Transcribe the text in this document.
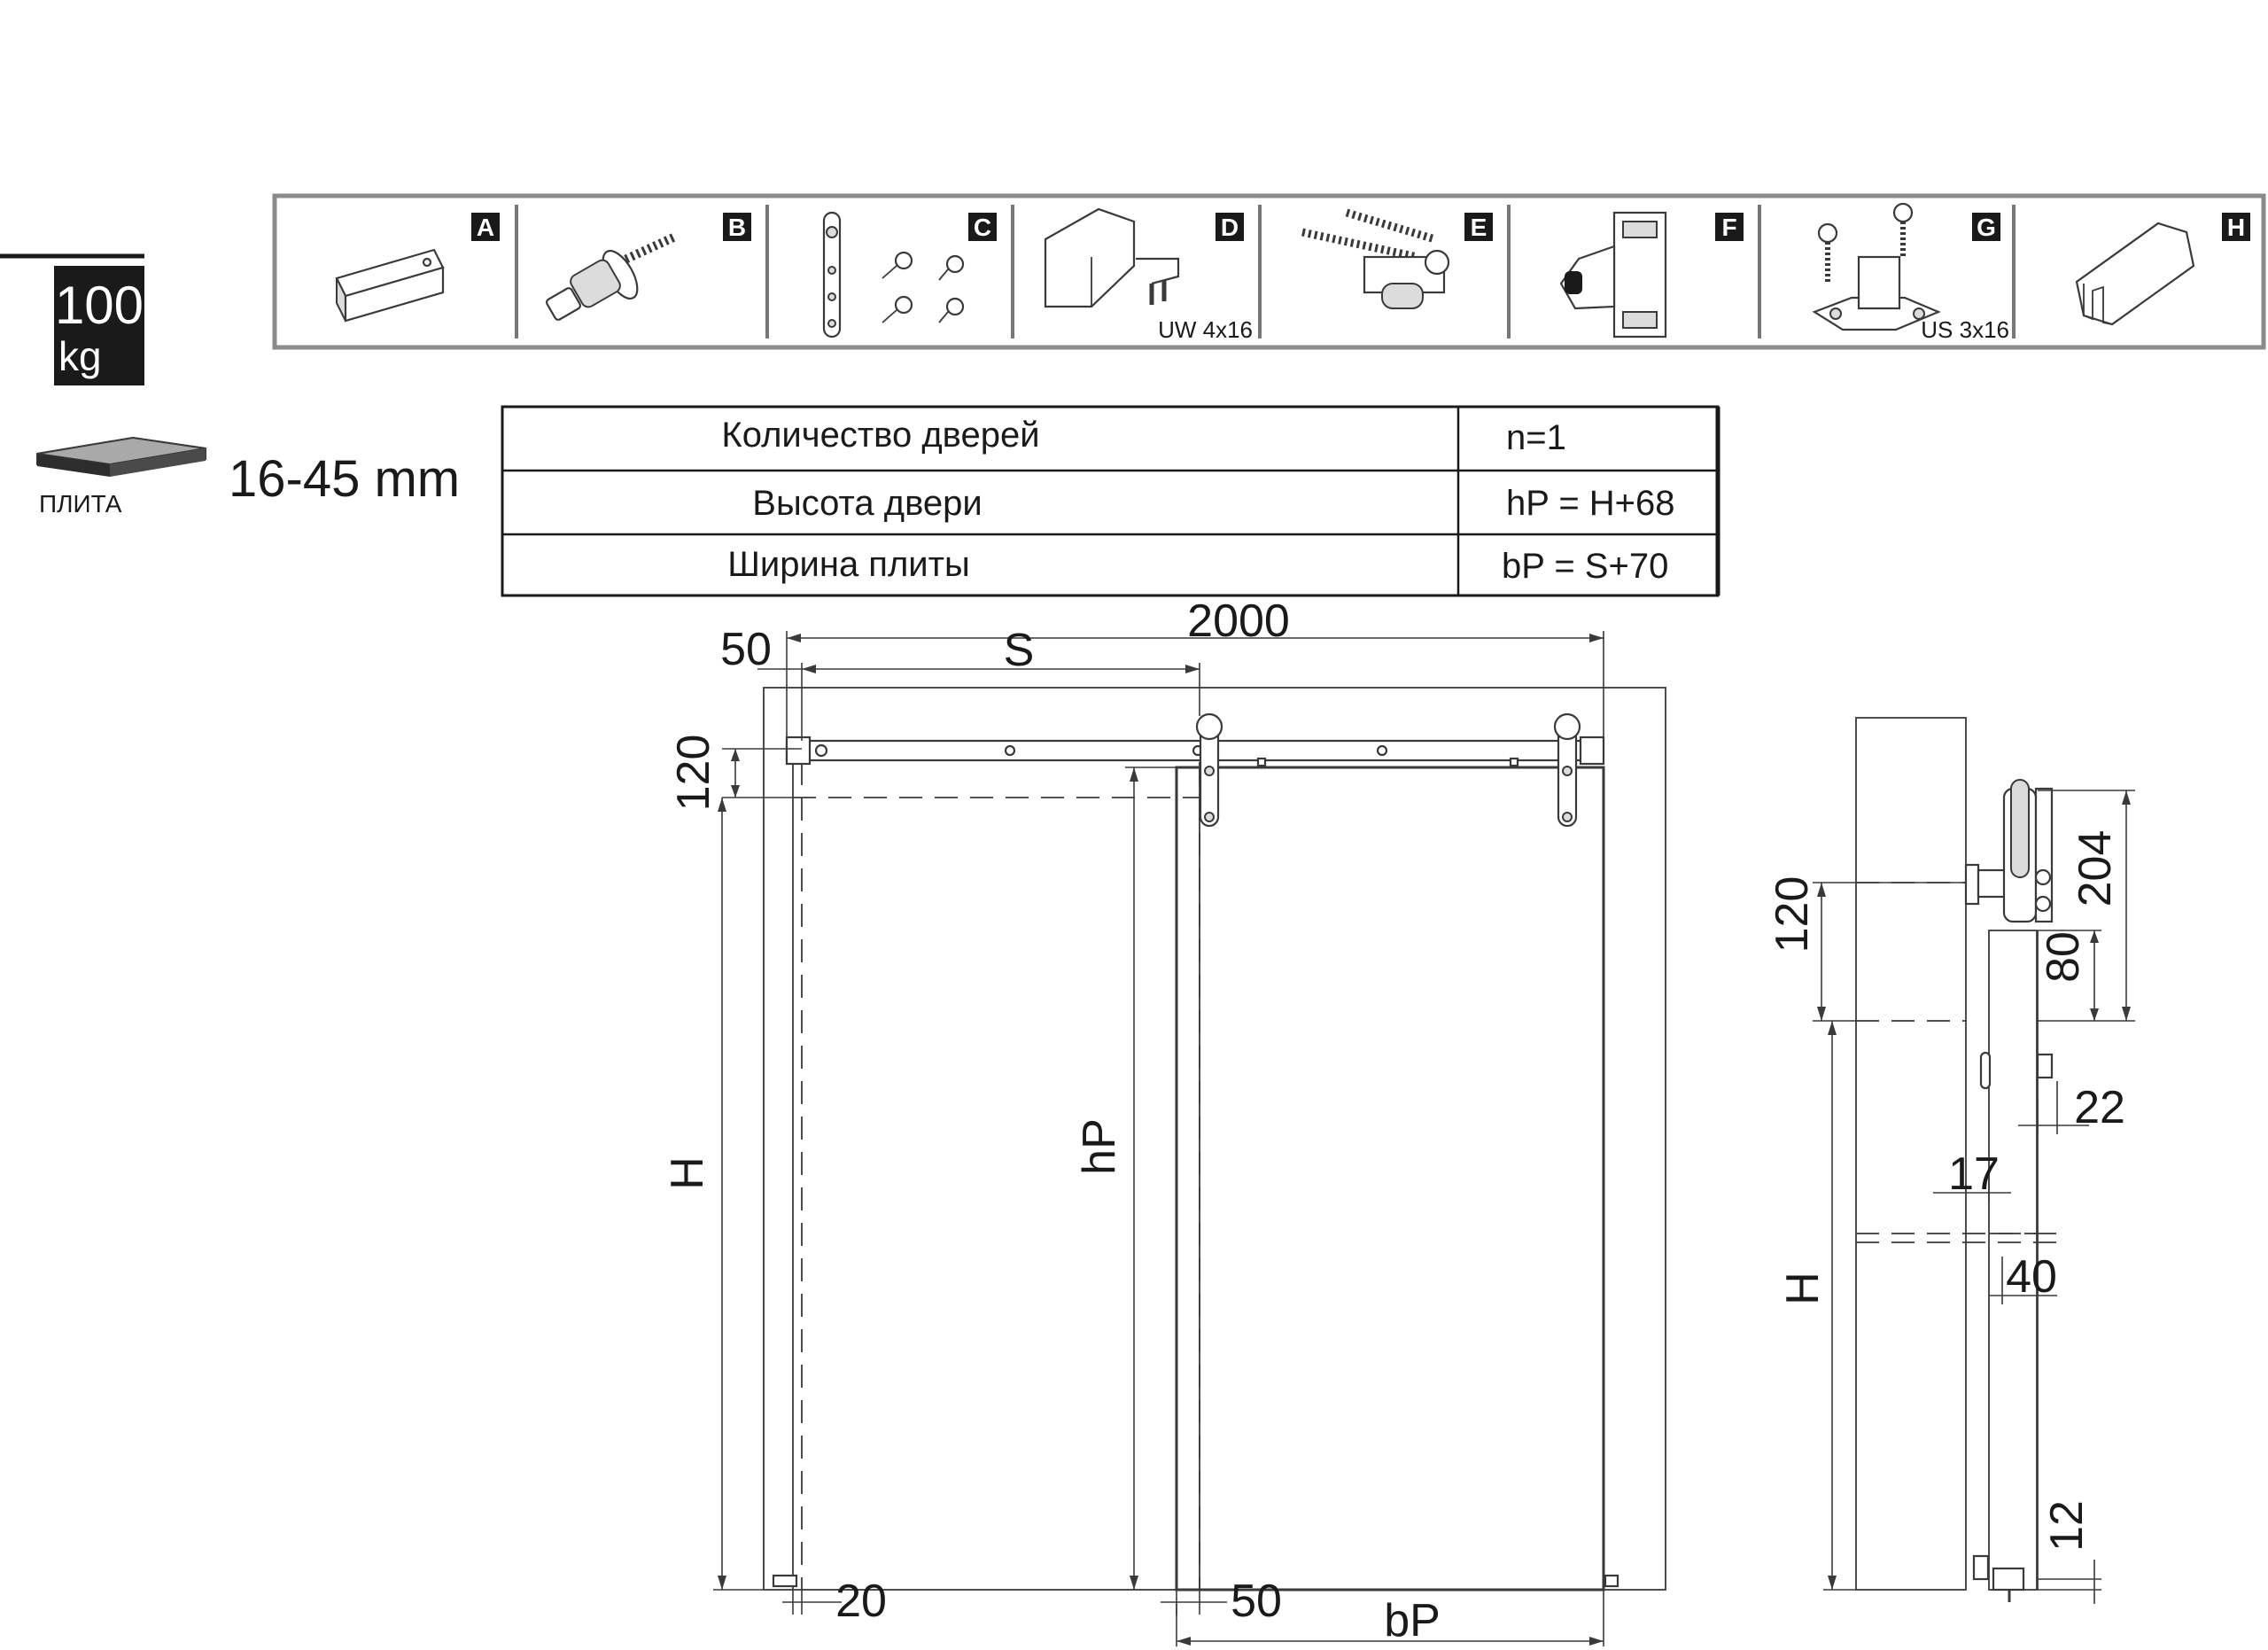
100
kg
ПЛИТА 16-45 mm
A	B	C	D
UW 4x16
E	F	G
US 3x16
H
Количество дверей	n=1
Высота двери	hP = H+68
Ширина плиты	bP = S+70
2000
S
50
120
H	hP
20	50 bP
204
120
80
22
17
40
H
12
